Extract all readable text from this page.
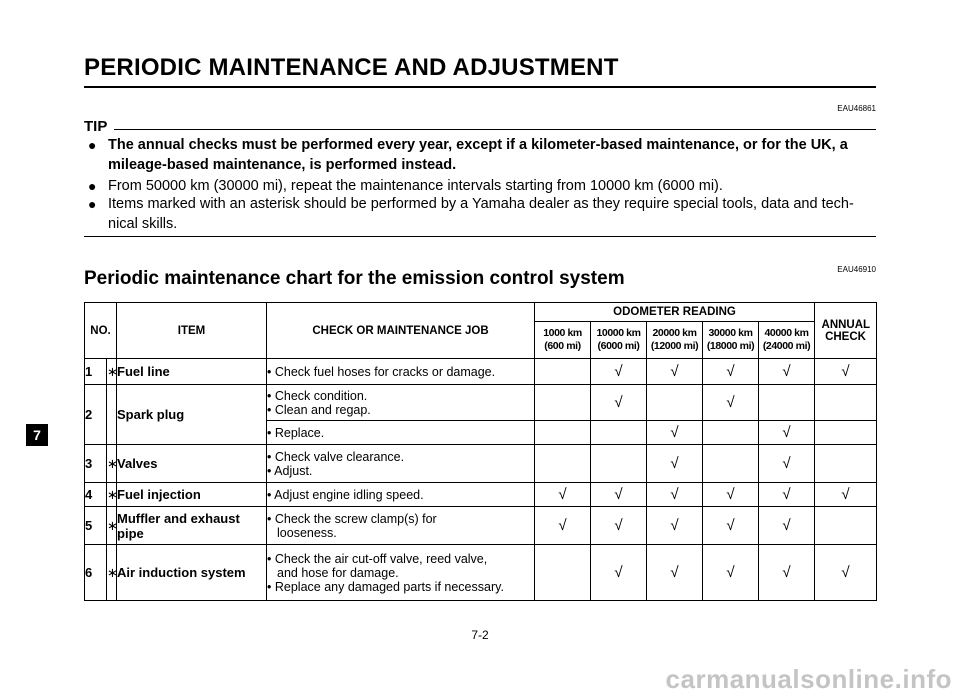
PERIODIC MAINTENANCE AND ADJUSTMENT
EAU46861
TIP
● The annual checks must be performed every year, except if a kilometer-based maintenance, or for the UK, a
mileage-based maintenance, is performed instead.
● From 50000 km (30000 mi), repeat the maintenance intervals starting from 10000 km (6000 mi).
● Items marked with an asterisk should be performed by a Yamaha dealer as they require special tools, data and tech-
nical skills.
EAU46910
Periodic maintenance chart for the emission control system
NO.		ITEM	CHECK OR MAINTENANCE JOB	ODOMETER READING					ANNUAL CHECK
				1000 km
(600 mi)	10000 km
(6000 mi)	20000 km
(12000 mi)	30000 km
(18000 mi)	40000 km
(24000 mi)	
1	∗	Fuel line	• Check fuel hoses for cracks or damage.		√	√	√	√	√
2		Spark plug	• Check condition.
• Clean and regap.		√		√		

			• Replace.			√		√	
3	∗	Valves	• Check valve clearance.
• Adjust.			√		√	
4	∗	Fuel injection	• Adjust engine idling speed.	√	√	√	√	√	√
5	∗	Muffler and exhaust
pipe	• Check the screw clamp(s) for
looseness.	√	√	√	√	√	
6	∗	Air induction system	• Check the air cut-off valve, reed valve,
and hose for damage.
• Replace any damaged parts if necessary.		√	√	√	√	√
7
7-2
carmanualsonline.info
